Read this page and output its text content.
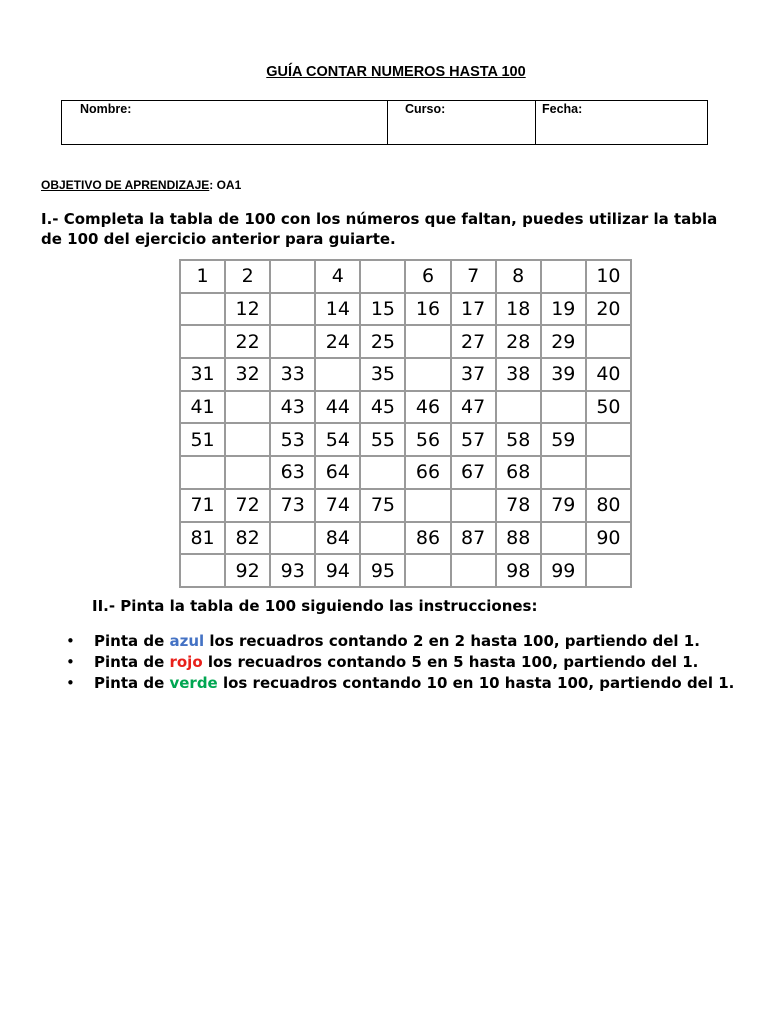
GUÍA CONTAR NUMEROS HASTA 100
Nombre:	Curso:	Fecha:
OBJETIVO DE APRENDIZAJE: OA1
I.- Completa la tabla de 100 con los números que faltan, puedes utilizar la tabla de 100 del ejercicio anterior para guiarte.
1	2		4		6	7	8		10
	12		14	15	16	17	18	19	20
	22		24	25		27	28	29	
31	32	33		35		37	38	39	40
41		43	44	45	46	47			50
51		53	54	55	56	57	58	59	
		63	64		66	67	68		
71	72	73	74	75			78	79	80
81	82		84		86	87	88		90
	92	93	94	95			98	99	
II.- Pinta la tabla de 100 siguiendo las instrucciones:
• Pinta de azul los recuadros contando 2 en 2 hasta 100, partiendo del 1.
• Pinta de rojo los recuadros contando 5 en 5 hasta 100, partiendo del 1.
• Pinta de verde los recuadros contando 10 en 10 hasta 100, partiendo del 1.
